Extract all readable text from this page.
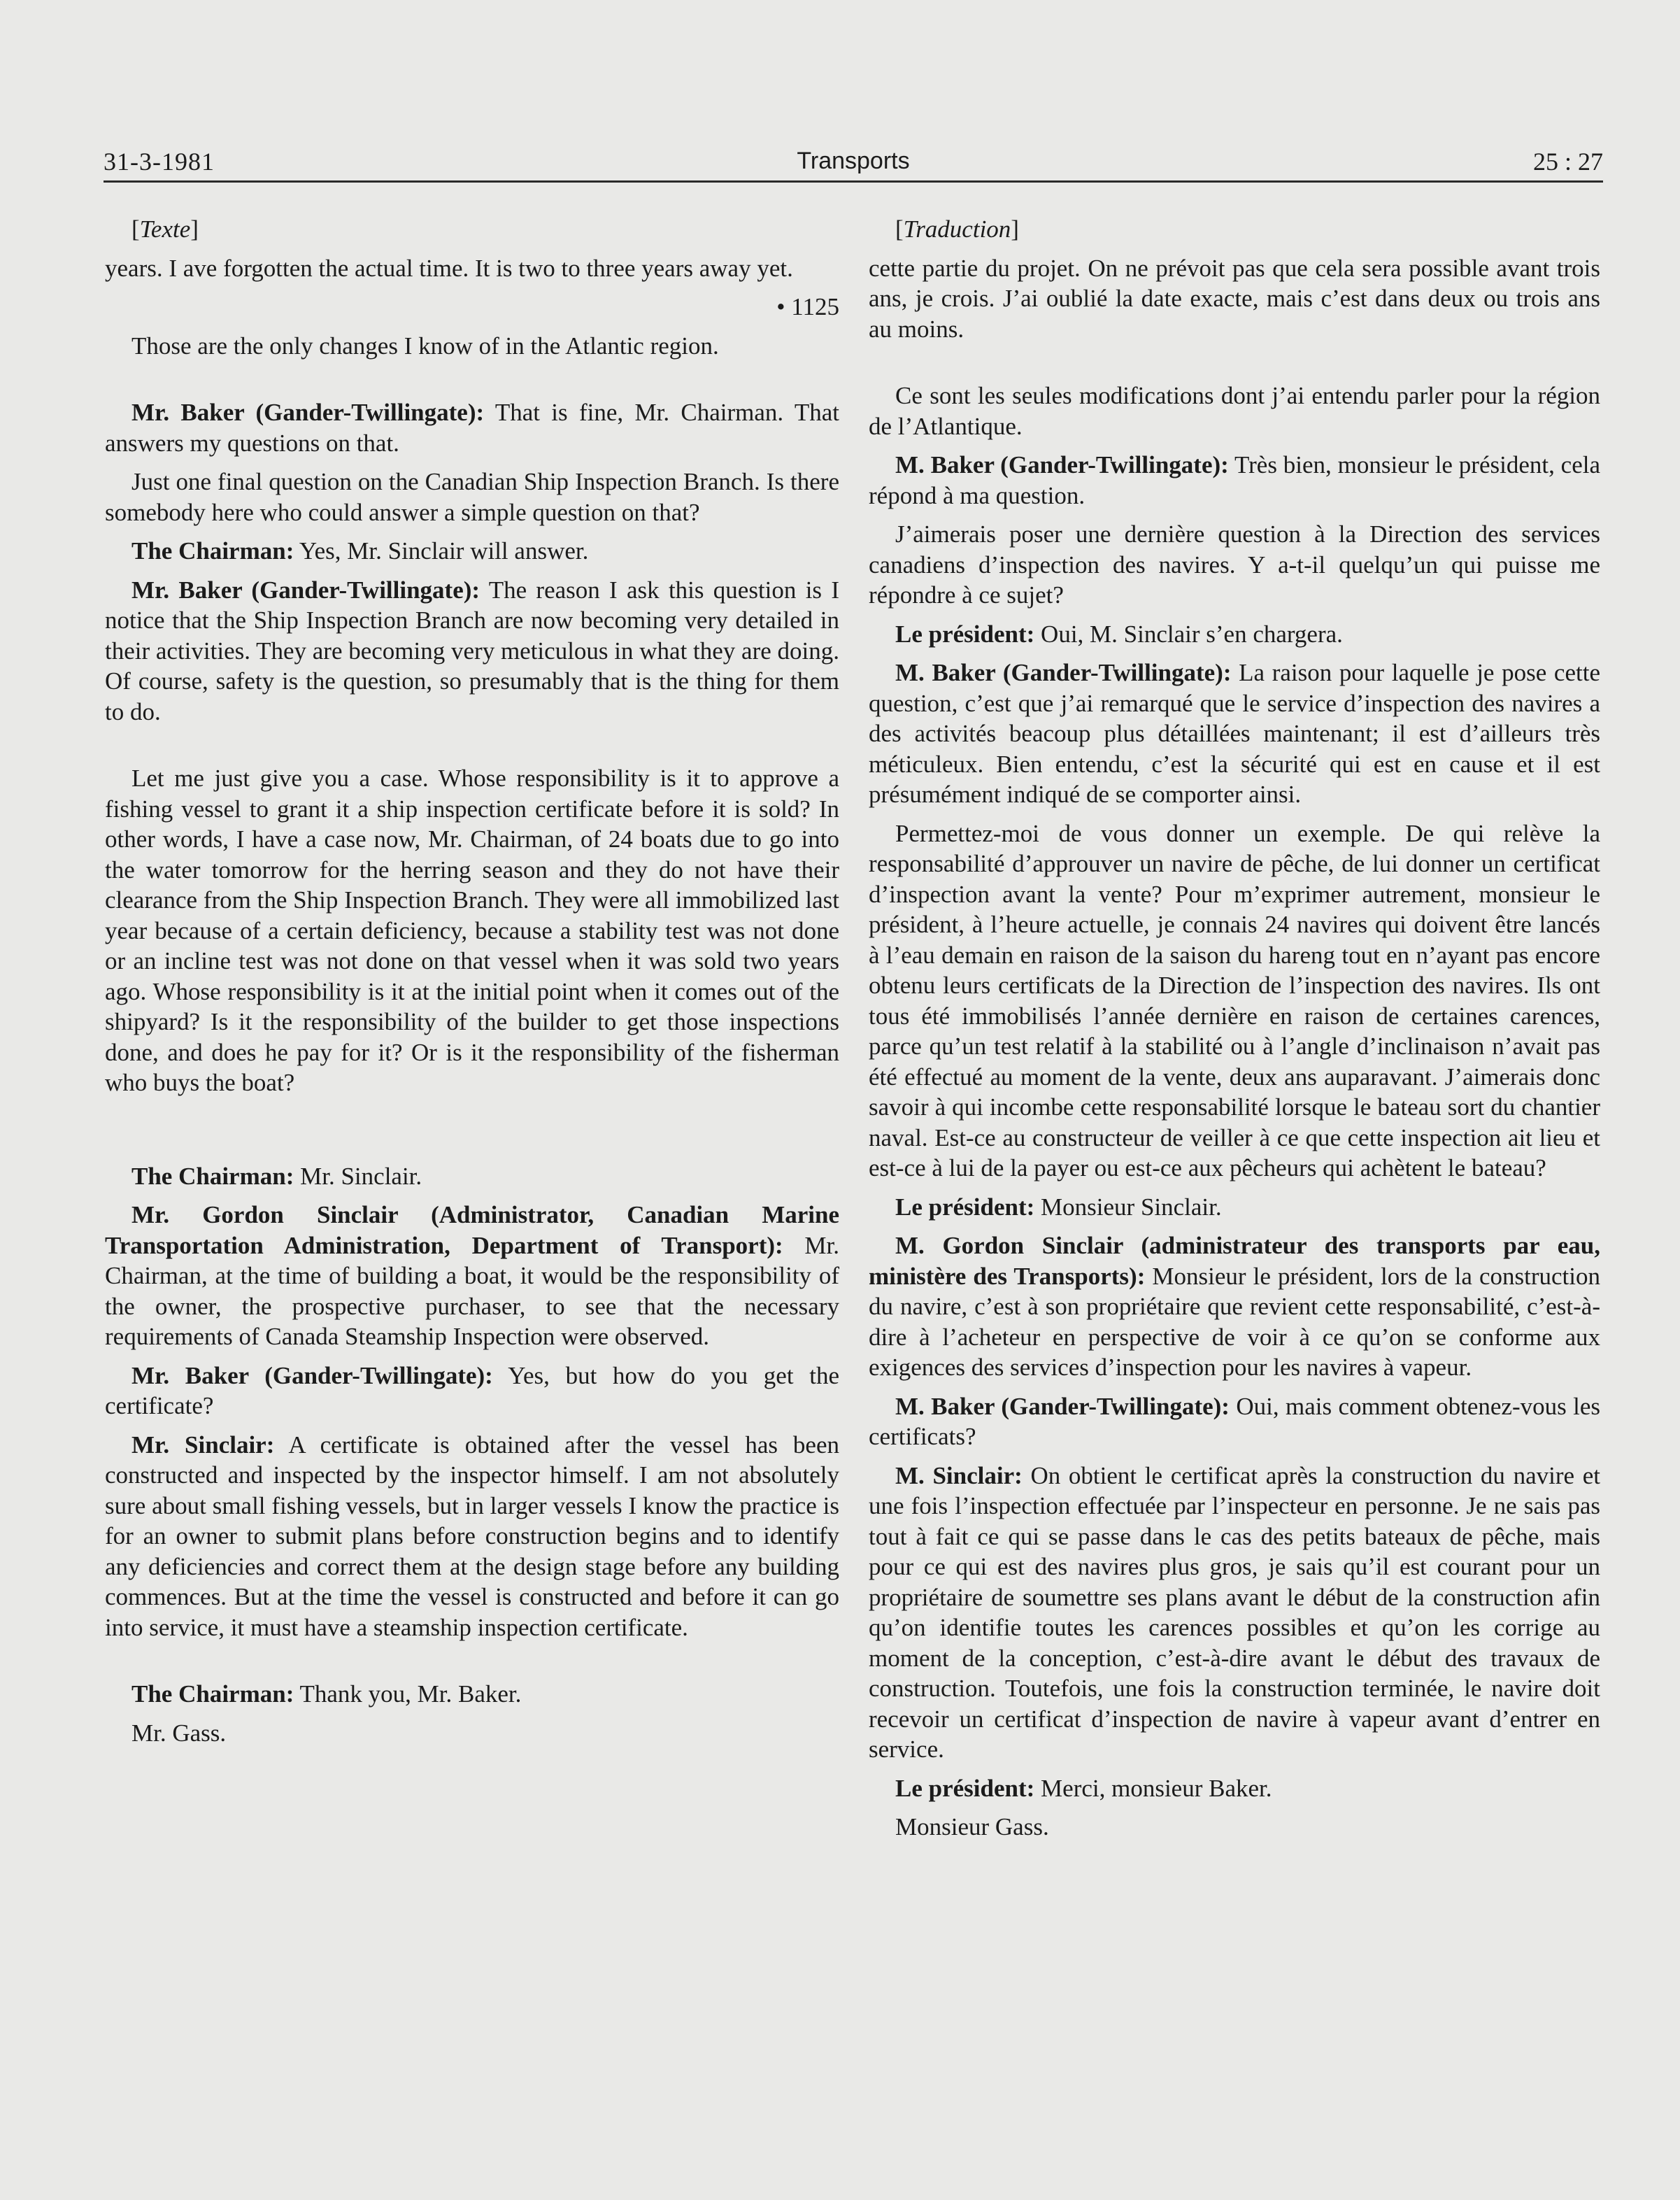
31-3-1981	Transports	25 : 27

[Texte]

years. I ave forgotten the actual time. It is two to three years away yet.

• 1125

Those are the only changes I know of in the Atlantic region.

Mr. Baker (Gander-Twillingate): That is fine, Mr. Chairman. That answers my questions on that.

Just one final question on the Canadian Ship Inspection Branch. Is there somebody here who could answer a simple question on that?

The Chairman: Yes, Mr. Sinclair will answer.

Mr. Baker (Gander-Twillingate): The reason I ask this question is I notice that the Ship Inspection Branch are now becoming very detailed in their activities. They are becoming very meticulous in what they are doing. Of course, safety is the question, so presumably that is the thing for them to do.

Let me just give you a case. Whose responsibility is it to approve a fishing vessel to grant it a ship inspection certificate before it is sold? In other words, I have a case now, Mr. Chairman, of 24 boats due to go into the water tomorrow for the herring season and they do not have their clearance from the Ship Inspection Branch. They were all immobilized last year because of a certain deficiency, because a stability test was not done or an incline test was not done on that vessel when it was sold two years ago. Whose responsibility is it at the initial point when it comes out of the shipyard? Is it the responsibility of the builder to get those inspections done, and does he pay for it? Or is it the responsibility of the fisherman who buys the boat?

The Chairman: Mr. Sinclair.

Mr. Gordon Sinclair (Administrator, Canadian Marine Transportation Administration, Department of Transport): Mr. Chairman, at the time of building a boat, it would be the responsibility of the owner, the prospective purchaser, to see that the necessary requirements of Canada Steamship Inspection were observed.

Mr. Baker (Gander-Twillingate): Yes, but how do you get the certificate?

Mr. Sinclair: A certificate is obtained after the vessel has been constructed and inspected by the inspector himself. I am not absolutely sure about small fishing vessels, but in larger vessels I know the practice is for an owner to submit plans before construction begins and to identify any deficiencies and correct them at the design stage before any building commences. But at the time the vessel is constructed and before it can go into service, it must have a steamship inspection certificate.

The Chairman: Thank you, Mr. Baker.

Mr. Gass.

[Traduction]

cette partie du projet. On ne prévoit pas que cela sera possible avant trois ans, je crois. J’ai oublié la date exacte, mais c’est dans deux ou trois ans au moins.

Ce sont les seules modifications dont j’ai entendu parler pour la région de l’Atlantique.

M. Baker (Gander-Twillingate): Très bien, monsieur le président, cela répond à ma question.

J’aimerais poser une dernière question à la Direction des services canadiens d’inspection des navires. Y a-t-il quelqu’un qui puisse me répondre à ce sujet?

Le président: Oui, M. Sinclair s’en chargera.

M. Baker (Gander-Twillingate): La raison pour laquelle je pose cette question, c’est que j’ai remarqué que le service d’inspection des navires a des activités beacoup plus détaillées maintenant; il est d’ailleurs très méticuleux. Bien entendu, c’est la sécurité qui est en cause et il est présumément indiqué de se comporter ainsi.

Permettez-moi de vous donner un exemple. De qui relève la responsabilité d’approuver un navire de pêche, de lui donner un certificat d’inspection avant la vente? Pour m’exprimer autrement, monsieur le président, à l’heure actuelle, je connais 24 navires qui doivent être lancés à l’eau demain en raison de la saison du hareng tout en n’ayant pas encore obtenu leurs certificats de la Direction de l’inspection des navires. Ils ont tous été immobilisés l’année dernière en raison de certaines carences, parce qu’un test relatif à la stabilité ou à l’angle d’inclinaison n’avait pas été effectué au moment de la vente, deux ans auparavant. J’aimerais donc savoir à qui incombe cette responsabilité lorsque le bateau sort du chantier naval. Est-ce au constructeur de veiller à ce que cette inspection ait lieu et est-ce à lui de la payer ou est-ce aux pêcheurs qui achètent le bateau?

Le président: Monsieur Sinclair.

M. Gordon Sinclair (administrateur des transports par eau, ministère des Transports): Monsieur le président, lors de la construction du navire, c’est à son propriétaire que revient cette responsabilité, c’est-à-dire à l’acheteur en perspective de voir à ce qu’on se conforme aux exigences des services d’inspection pour les navires à vapeur.

M. Baker (Gander-Twillingate): Oui, mais comment obtenez-vous les certificats?

M. Sinclair: On obtient le certificat après la construction du navire et une fois l’inspection effectuée par l’inspecteur en personne. Je ne sais pas tout à fait ce qui se passe dans le cas des petits bateaux de pêche, mais pour ce qui est des navires plus gros, je sais qu’il est courant pour un propriétaire de soumettre ses plans avant le début de la construction afin qu’on identifie toutes les carences possibles et qu’on les corrige au moment de la conception, c’est-à-dire avant le début des travaux de construction. Toutefois, une fois la construction terminée, le navire doit recevoir un certificat d’inspection de navire à vapeur avant d’entrer en service.

Le président: Merci, monsieur Baker.

Monsieur Gass.
